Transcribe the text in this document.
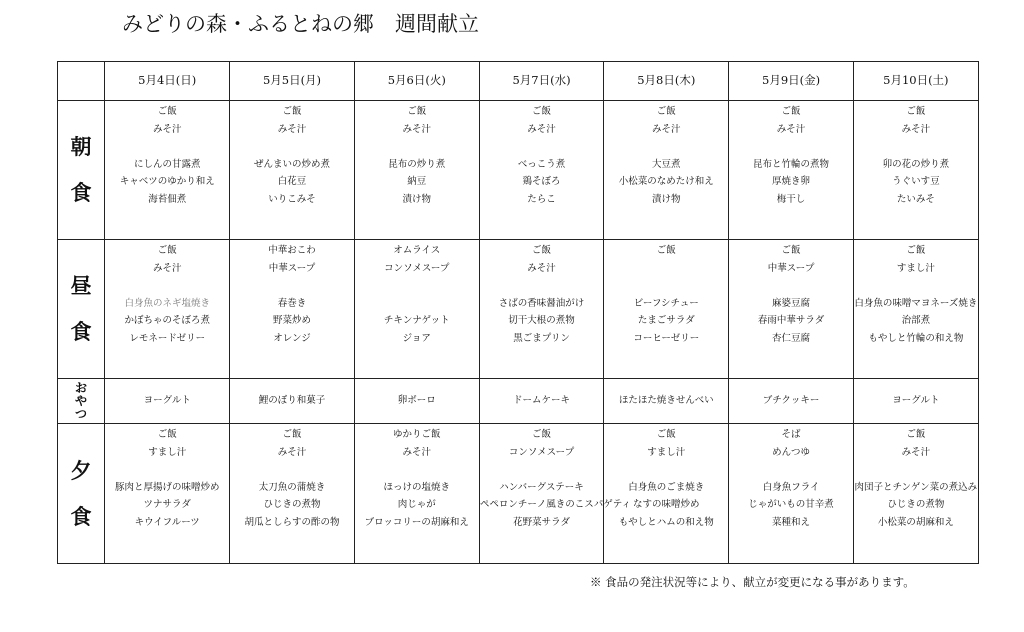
みどりの森・ふるとねの郷　週間献立
	5月4日(日)	5月5日(月)	5月6日(火)	5月7日(水)	5月8日(木)	5月9日(金)	5月10日(土)

朝
食	ご飯
みそ汁
にしんの甘露煮
キャベツのゆかり和え
海苔佃煮	ご飯
みそ汁
ぜんまいの炒め煮
白花豆
いりこみそ	ご飯
みそ汁
昆布の炒り煮
納豆
漬け物	ご飯
みそ汁
べっこう煮
鶏そぼろ
たらこ	ご飯
みそ汁
大豆煮
小松菜のなめたけ和え
漬け物	ご飯
みそ汁
昆布と竹輪の煮物
厚焼き卵
梅干し	ご飯
みそ汁
卯の花の炒り煮
うぐいす豆
たいみそ

昼
食	ご飯
みそ汁
白身魚のネギ塩焼き
かぼちゃのそぼろ煮
レモネードゼリー	中華おこわ
中華スープ
春巻き
野菜炒め
オレンジ	オムライス
コンソメスープ
チキンナゲット
ジョア	ご飯
みそ汁
さばの香味醤油がけ
切干大根の煮物
黒ごまプリン	ご飯
ビーフシチュー
たまごサラダ
コーヒーゼリー	ご飯
中華スープ
麻婆豆腐
春雨中華サラダ
杏仁豆腐	ご飯
すまし汁
白身魚の味噌マヨネーズ焼き
治部煮
もやしと竹輪の和え物

お
や
つ	ヨーグルト	鯉のぼり和菓子	卵ボーロ	ドームケーキ	ほたほた焼きせんべい	ブチクッキー	ヨーグルト

夕
食	ご飯
すまし汁
豚肉と厚揚げの味噌炒め
ツナサラダ
キウイフルーツ	ご飯
みそ汁
太刀魚の蒲焼き
ひじきの煮物
胡瓜としらすの酢の物	ゆかりご飯
みそ汁
ほっけの塩焼き
肉じゃが
ブロッコリーの胡麻和え	ご飯
コンソメスープ
ハンバーグステーキ
ペペロンチーノ風きのこスパゲティ
花野菜サラダ	ご飯
すまし汁
白身魚のごま焼き
なすの味噌炒め
もやしとハムの和え物	そば
めんつゆ
白身魚フライ
じゃがいもの甘辛煮
菜種和え	ご飯
みそ汁
肉団子とチンゲン菜の煮込み
ひじきの煮物
小松菜の胡麻和え
※ 食品の発注状況等により、献立が変更になる事があります。
